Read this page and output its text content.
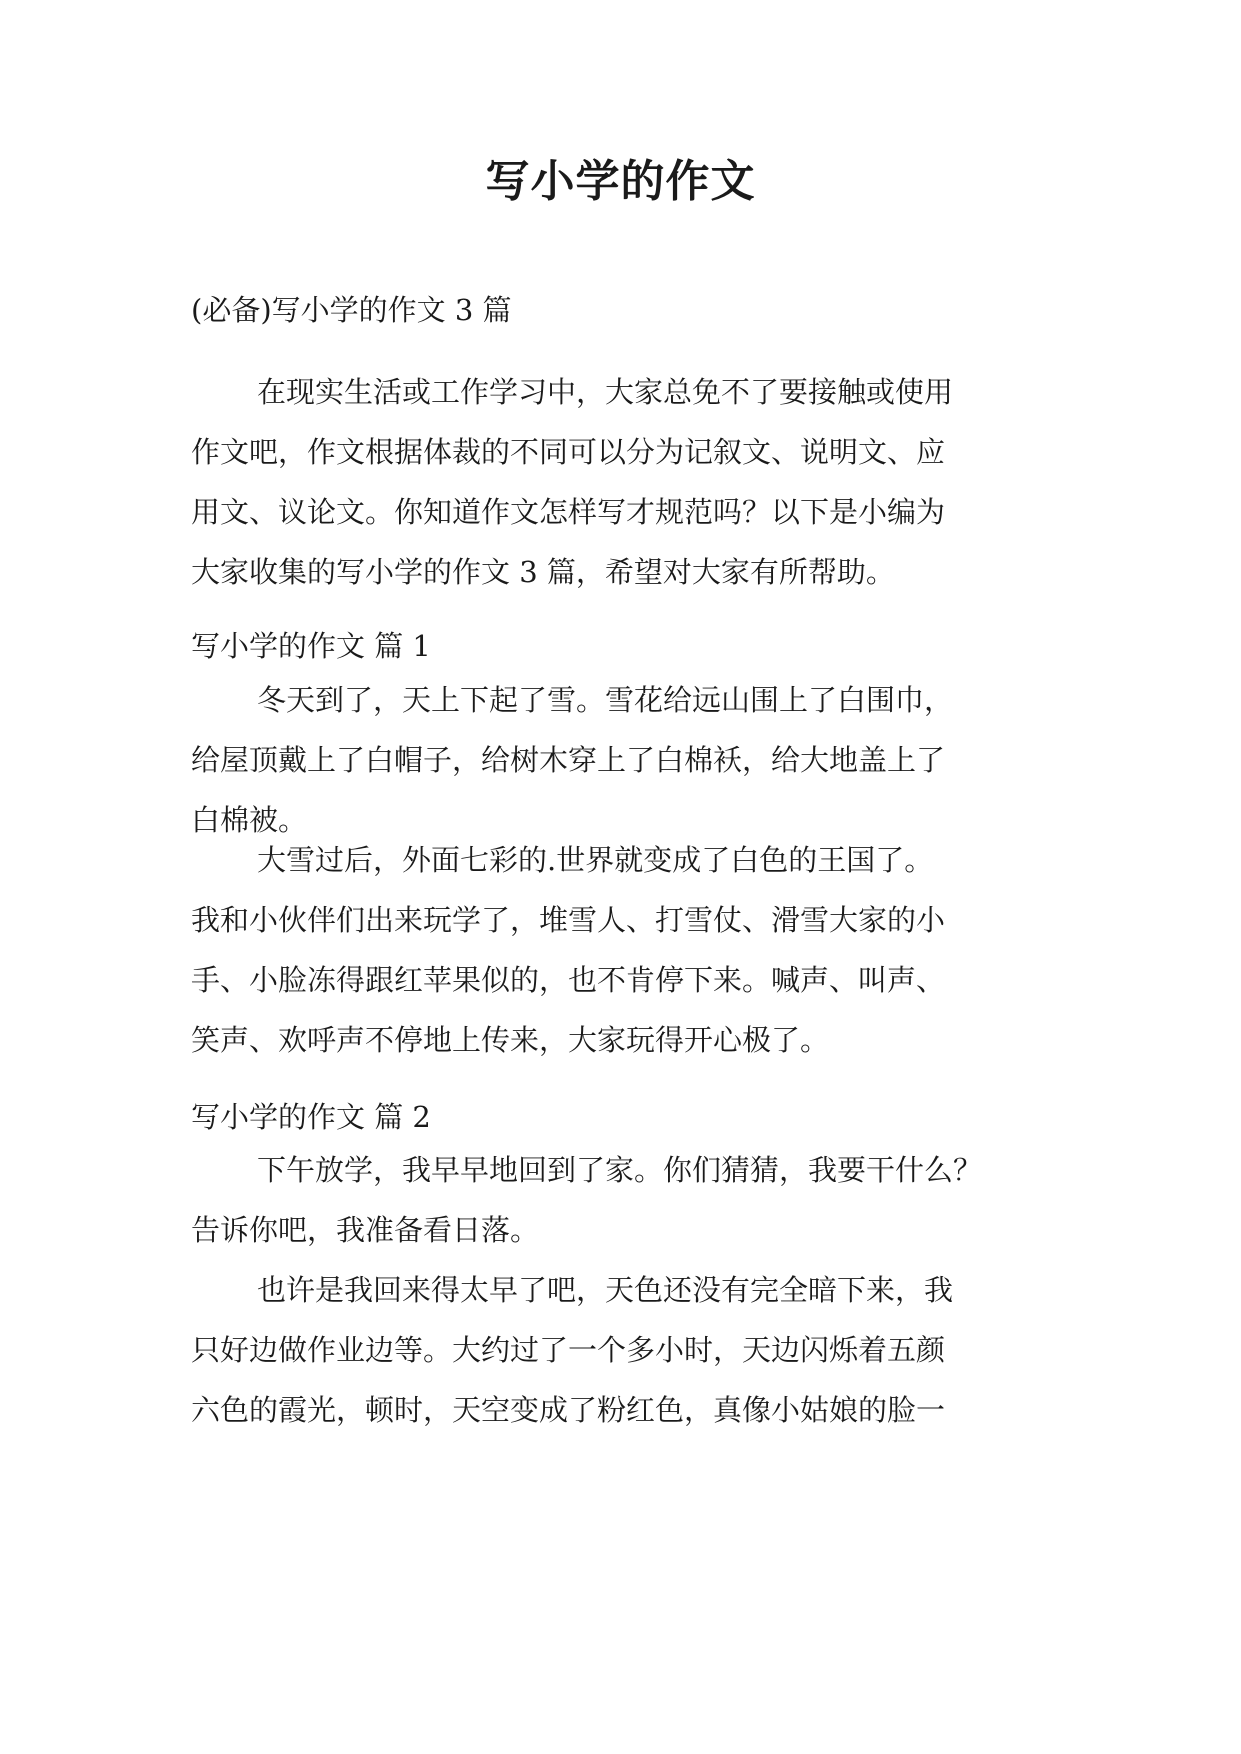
写小学的作文
(必备)写小学的作文 3 篇
在现实生活或工作学习中，大家总免不了要接触或使用
作文吧，作文根据体裁的不同可以分为记叙文、说明文、应
用文、议论文。你知道作文怎样写才规范吗？以下是小编为
大家收集的写小学的作文 3 篇，希望对大家有所帮助。
写小学的作文 篇 1
冬天到了，天上下起了雪。雪花给远山围上了白围巾，
给屋顶戴上了白帽子，给树木穿上了白棉袄，给大地盖上了
白棉被。
大雪过后，外面七彩的.世界就变成了白色的王国了。
我和小伙伴们出来玩学了，堆雪人、打雪仗、滑雪大家的小
手、小脸冻得跟红苹果似的，也不肯停下来。喊声、叫声、
笑声、欢呼声不停地上传来，大家玩得开心极了。
写小学的作文 篇 2
下午放学，我早早地回到了家。你们猜猜，我要干什么？
告诉你吧，我准备看日落。
也许是我回来得太早了吧，天色还没有完全暗下来，我
只好边做作业边等。大约过了一个多小时，天边闪烁着五颜
六色的霞光，顿时，天空变成了粉红色，真像小姑娘的脸一
